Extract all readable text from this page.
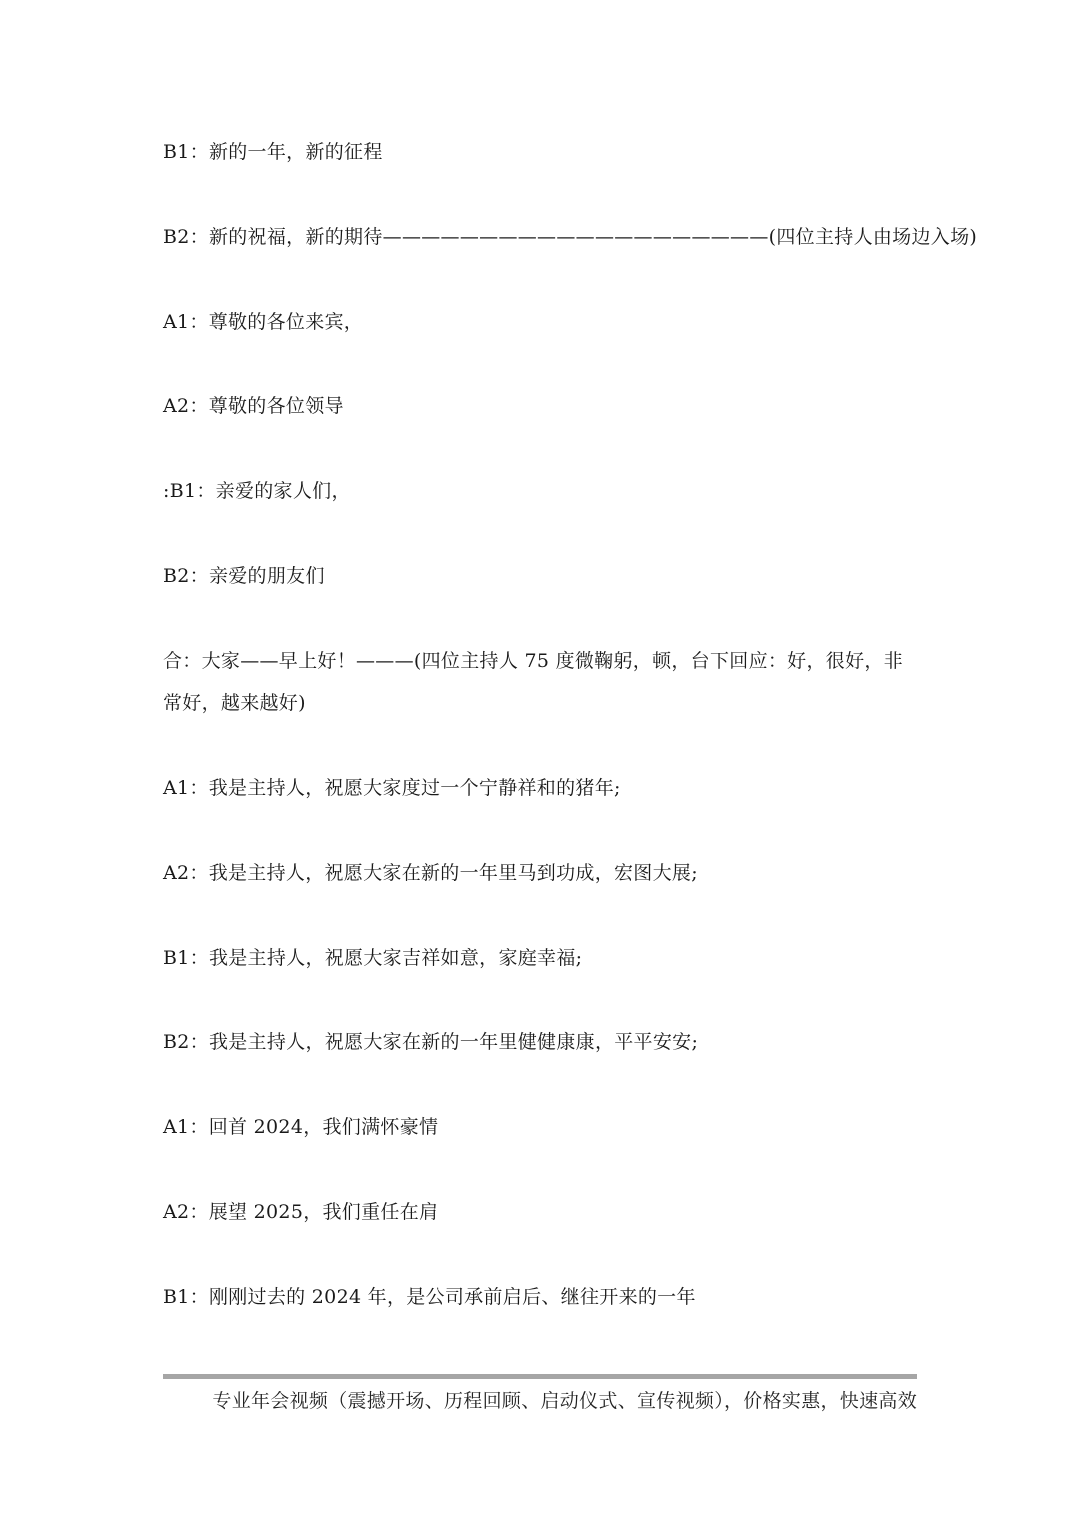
B1：新的一年，新的征程
B2：新的祝福，新的期待————————————————————(四位主持人由场边入场)
A1：尊敬的各位来宾，
A2：尊敬的各位领导
:B1：亲爱的家人们，
B2：亲爱的朋友们
合：大家——早上好！———(四位主持人 75 度微鞠躬，顿，台下回应：好，很好，非常好，越来越好)
A1：我是主持人，祝愿大家度过一个宁静祥和的猪年;
A2：我是主持人，祝愿大家在新的一年里马到功成，宏图大展;
B1：我是主持人，祝愿大家吉祥如意，家庭幸福;
B2：我是主持人，祝愿大家在新的一年里健健康康，平平安安;
A1：回首 2024，我们满怀豪情
A2：展望 2025，我们重任在肩
B1：刚刚过去的 2024 年，是公司承前启后、继往开来的一年
专业年会视频（震撼开场、历程回顾、启动仪式、宣传视频），价格实惠，快速高效
